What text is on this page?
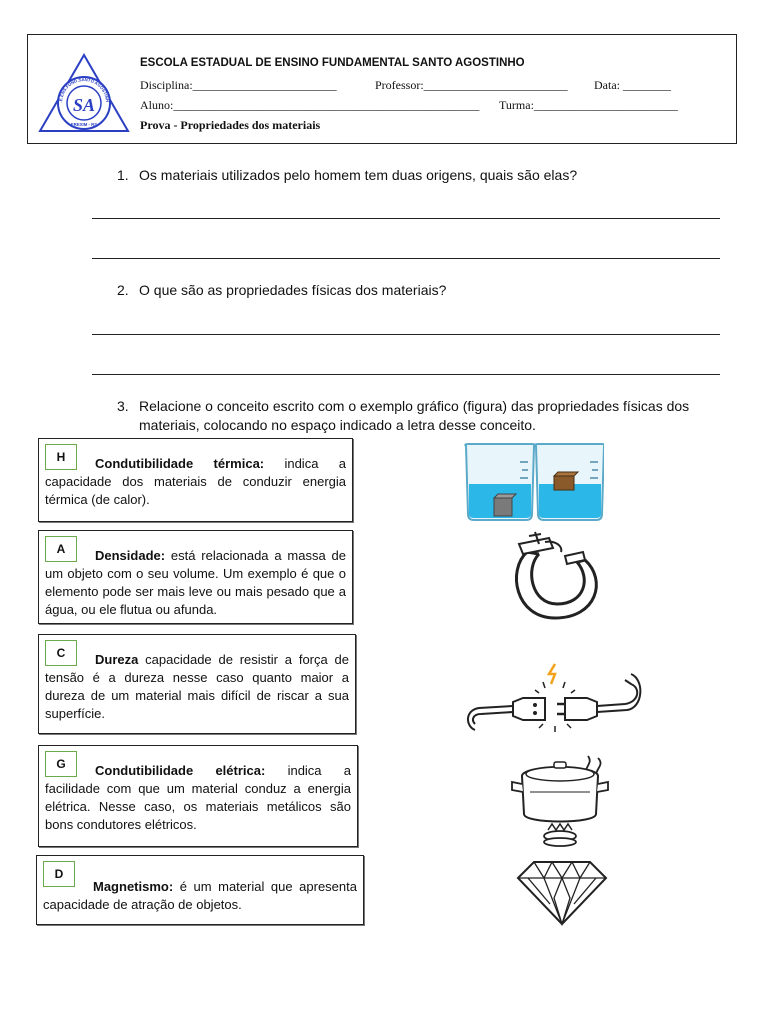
SA
.E.ENS.FUND.SANTO AGOSTINH
EREXIM - RS
ESCOLA ESTADUAL DE ENSINO FUNDAMENTAL SANTO AGOSTINHO
Disciplina:________________________	Professor:________________________ Data: ________
Aluno:___________________________________________________ Turma:________________________
Prova - Propriedades dos materiais
1. Os materiais utilizados pelo homem tem duas origens, quais são elas?
2. O que são as propriedades físicas dos materiais?
3. Relacione o conceito escrito com o exemplo gráfico (figura) das propriedades físicas dos materiais, colocando no espaço indicado a letra desse conceito.
H	Condutibilidade térmica: indica a capacidade dos materiais de conduzir energia térmica (de calor).
A	Densidade: está relacionada a massa de um objeto com o seu volume. Um exemplo é que o elemento pode ser mais leve ou mais pesado que a água, ou ele flutua ou afunda.
C	Dureza capacidade de resistir a força de tensão é a dureza nesse caso quanto maior a dureza de um material mais difícil de riscar a sua superfície.
G	Condutibilidade elétrica: indica a facilidade com que um material conduz a energia elétrica. Nesse caso, os materiais metálicos são bons condutores elétricos.
D
Magnetismo: é um material que apresenta capacidade de atração de objetos.
